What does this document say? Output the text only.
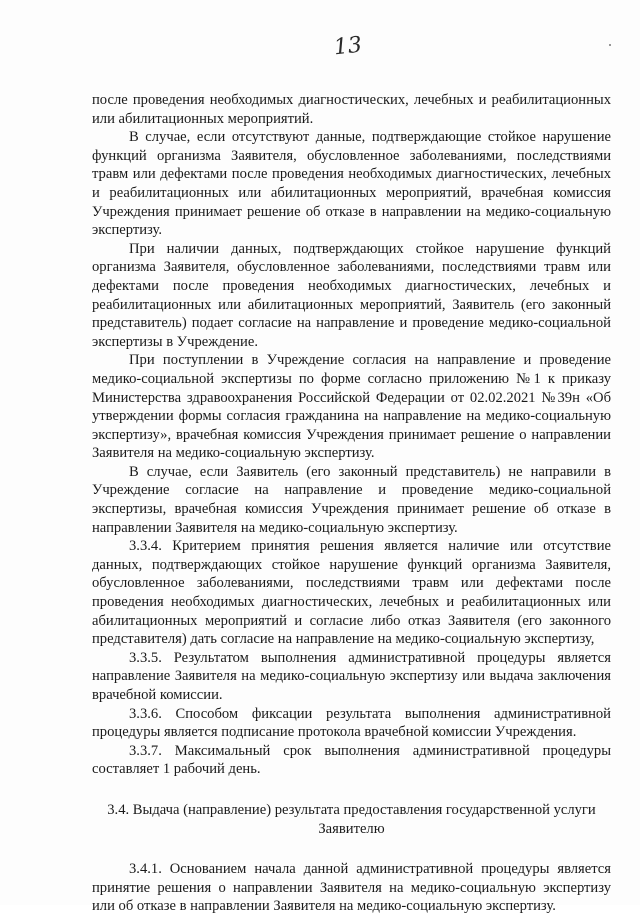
13

после проведения необходимых диагностических, лечебных и реабилитационных или абилитационных мероприятий.

В случае, если отсутствуют данные, подтверждающие стойкое нарушение функций организма Заявителя, обусловленное заболеваниями, последствиями травм или дефектами после проведения необходимых диагностических, лечебных и реабилитационных или абилитационных мероприятий, врачебная комиссия Учреждения принимает решение об отказе в направлении на медико-социальную экспертизу.

При наличии данных, подтверждающих стойкое нарушение функций организма Заявителя, обусловленное заболеваниями, последствиями травм или дефектами после проведения необходимых диагностических, лечебных и реабилитационных или абилитационных мероприятий, Заявитель (его законный представитель) подает согласие на направление и проведение медико-социальной экспертизы в Учреждение.

При поступлении в Учреждение согласия на направление и проведение медико-социальной экспертизы по форме согласно приложению №1 к приказу Министерства здравоохранения Российской Федерации от 02.02.2021 №39н «Об утверждении формы согласия гражданина на направление на медико-социальную экспертизу», врачебная комиссия Учреждения принимает решение о направлении Заявителя на медико-социальную экспертизу.

В случае, если Заявитель (его законный представитель) не направили в Учреждение согласие на направление и проведение медико-социальной экспертизы, врачебная комиссия Учреждения принимает решение об отказе в направлении Заявителя на медико-социальную экспертизу.

3.3.4. Критерием принятия решения является наличие или отсутствие данных, подтверждающих стойкое нарушение функций организма Заявителя, обусловленное заболеваниями, последствиями травм или дефектами после проведения необходимых диагностических, лечебных и реабилитационных или абилитационных мероприятий и согласие либо отказ Заявителя (его законного представителя) дать согласие на направление на медико-социальную экспертизу,

3.3.5. Результатом выполнения административной процедуры является направление Заявителя на медико-социальную экспертизу или выдача заключения врачебной комиссии.

3.3.6. Способом фиксации результата выполнения административной процедуры является подписание протокола врачебной комиссии Учреждения.

3.3.7. Максимальный срок выполнения административной процедуры составляет 1 рабочий день.

3.4. Выдача (направление) результата предоставления государственной услуги Заявителю

3.4.1. Основанием начала данной административной процедуры является принятие решения о направлении Заявителя на медико-социальную экспертизу или об отказе в направлении Заявителя на медико-социальную экспертизу.
